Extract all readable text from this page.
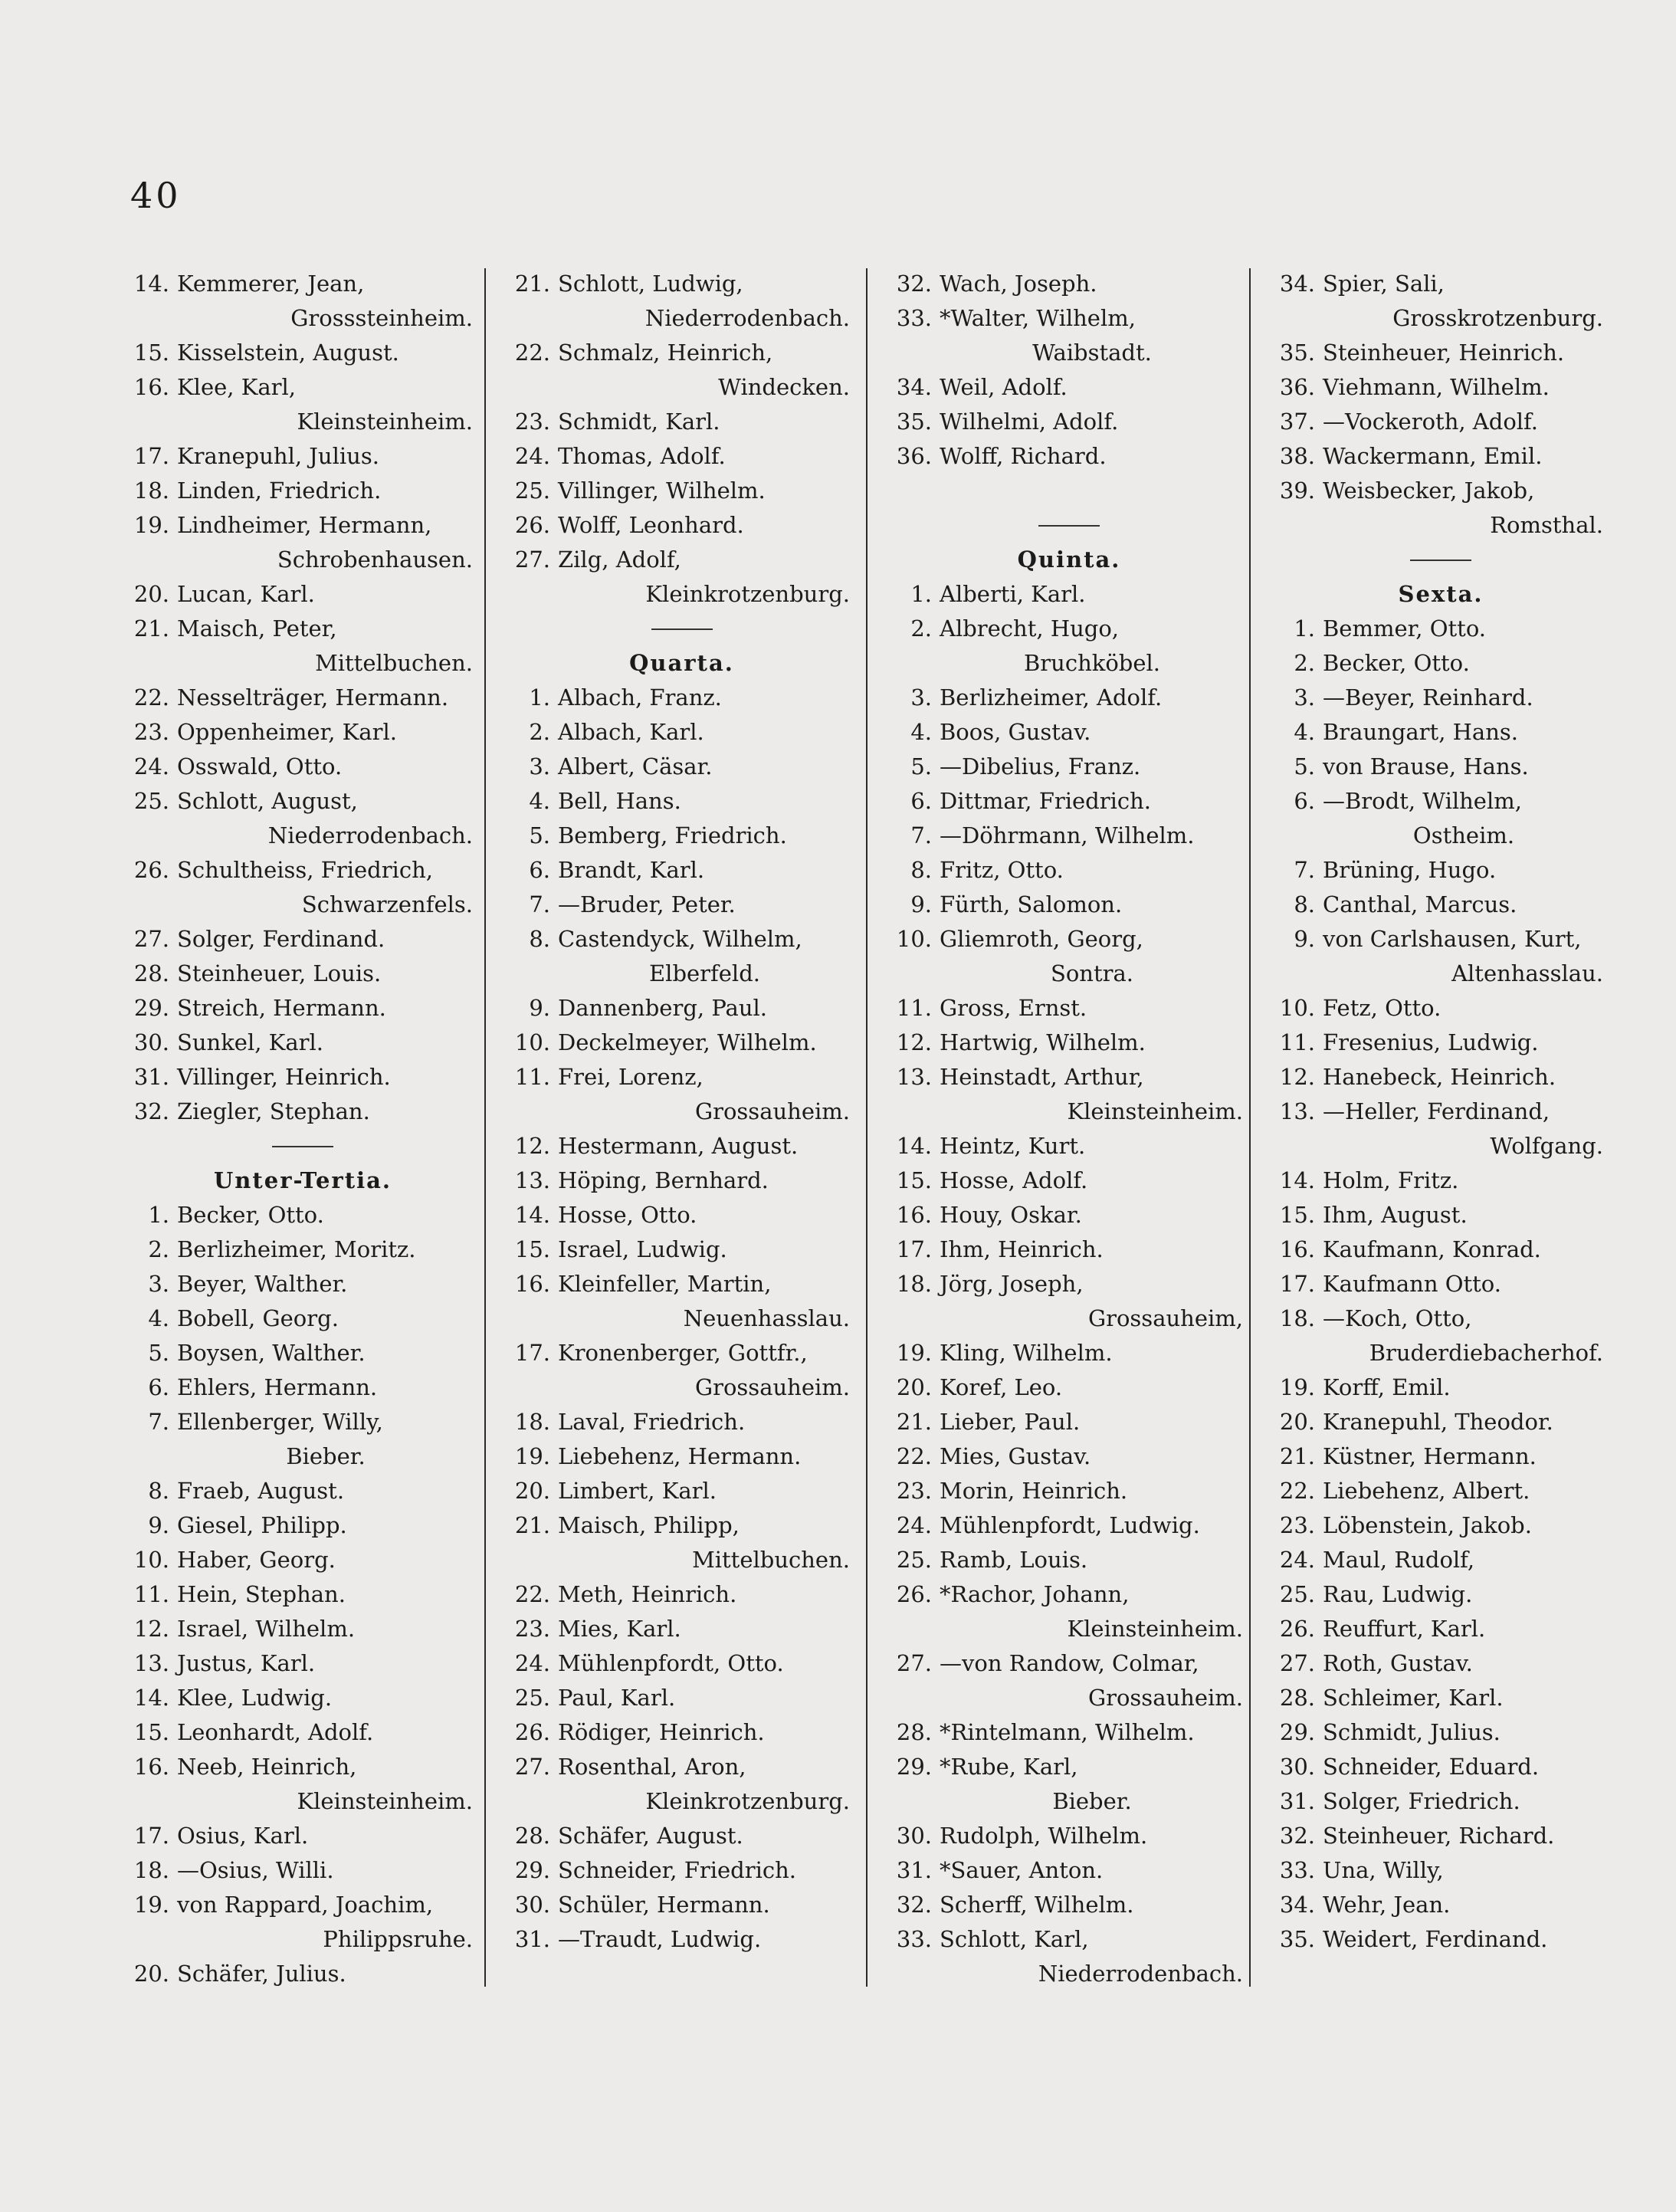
40
14. Kemmerer, Jean,
Grosssteinheim.
15. Kisselstein, August.
16. Klee, Karl,
Kleinsteinheim.
17. Kranepuhl, Julius.
18. Linden, Friedrich.
19. Lindheimer, Hermann,
Schrobenhausen.
20. Lucan, Karl.
21. Maisch, Peter,
Mittelbuchen.
22. Nesselträger, Hermann.
23. Oppenheimer, Karl.
24. Osswald, Otto.
25. Schlott, August,
Niederrodenbach.
26. Schultheiss, Friedrich,
Schwarzenfels.
27. Solger, Ferdinand.
28. Steinheuer, Louis.
29. Streich, Hermann.
30. Sunkel, Karl.
31. Villinger, Heinrich.
32. Ziegler, Stephan.
Unter-Tertia.
1. Becker, Otto.
2. Berlizheimer, Moritz.
3. Beyer, Walther.
4. Bobell, Georg.
5. Boysen, Walther.
6. Ehlers, Hermann.
7. Ellenberger, Willy,
Bieber.
8. Fraeb, August.
9. Giesel, Philipp.
10. Haber, Georg.
11. Hein, Stephan.
12. Israel, Wilhelm.
13. Justus, Karl.
14. Klee, Ludwig.
15. Leonhardt, Adolf.
16. Neeb, Heinrich,
Kleinsteinheim.
17. Osius, Karl.
18. —Osius, Willi.
19. von Rappard, Joachim,
Philippsruhe.
20. Schäfer, Julius.
21. Schlott, Ludwig,
Niederrodenbach.
22. Schmalz, Heinrich,
Windecken.
23. Schmidt, Karl.
24. Thomas, Adolf.
25. Villinger, Wilhelm.
26. Wolff, Leonhard.
27. Zilg, Adolf,
Kleinkrotzenburg.
Quarta.
1. Albach, Franz.
2. Albach, Karl.
3. Albert, Cäsar.
4. Bell, Hans.
5. Bemberg, Friedrich.
6. Brandt, Karl.
7. —Bruder, Peter.
8. Castendyck, Wilhelm,
Elberfeld.
9. Dannenberg, Paul.
10. Deckelmeyer, Wilhelm.
11. Frei, Lorenz,
Grossauheim.
12. Hestermann, August.
13. Höping, Bernhard.
14. Hosse, Otto.
15. Israel, Ludwig.
16. Kleinfeller, Martin,
Neuenhasslau.
17. Kronenberger, Gottfr.,
Grossauheim.
18. Laval, Friedrich.
19. Liebehenz, Hermann.
20. Limbert, Karl.
21. Maisch, Philipp,
Mittelbuchen.
22. Meth, Heinrich.
23. Mies, Karl.
24. Mühlenpfordt, Otto.
25. Paul, Karl.
26. Rödiger, Heinrich.
27. Rosenthal, Aron,
Kleinkrotzenburg.
28. Schäfer, August.
29. Schneider, Friedrich.
30. Schüler, Hermann.
31. —Traudt, Ludwig.
32. Wach, Joseph.
33. *Walter, Wilhelm,
Waibstadt.
34. Weil, Adolf.
35. Wilhelmi, Adolf.
36. Wolff, Richard.
Quinta.
1. Alberti, Karl.
2. Albrecht, Hugo,
Bruchköbel.
3. Berlizheimer, Adolf.
4. Boos, Gustav.
5. —Dibelius, Franz.
6. Dittmar, Friedrich.
7. —Döhrmann, Wilhelm.
8. Fritz, Otto.
9. Fürth, Salomon.
10. Gliemroth, Georg,
Sontra.
11. Gross, Ernst.
12. Hartwig, Wilhelm.
13. Heinstadt, Arthur,
Kleinsteinheim.
14. Heintz, Kurt.
15. Hosse, Adolf.
16. Houy, Oskar.
17. Ihm, Heinrich.
18. Jörg, Joseph,
Grossauheim,
19. Kling, Wilhelm.
20. Koref, Leo.
21. Lieber, Paul.
22. Mies, Gustav.
23. Morin, Heinrich.
24. Mühlenpfordt, Ludwig.
25. Ramb, Louis.
26. *Rachor, Johann,
Kleinsteinheim.
27. —von Randow, Colmar,
Grossauheim.
28. *Rintelmann, Wilhelm.
29. *Rube, Karl,
Bieber.
30. Rudolph, Wilhelm.
31. *Sauer, Anton.
32. Scherff, Wilhelm.
33. Schlott, Karl,
Niederrodenbach.
34. Spier, Sali,
Grosskrotzenburg.
35. Steinheuer, Heinrich.
36. Viehmann, Wilhelm.
37. —Vockeroth, Adolf.
38. Wackermann, Emil.
39. Weisbecker, Jakob,
Romsthal.
Sexta.
1. Bemmer, Otto.
2. Becker, Otto.
3. —Beyer, Reinhard.
4. Braungart, Hans.
5. von Brause, Hans.
6. —Brodt, Wilhelm,
Ostheim.
7. Brüning, Hugo.
8. Canthal, Marcus.
9. von Carlshausen, Kurt,
Altenhasslau.
10. Fetz, Otto.
11. Fresenius, Ludwig.
12. Hanebeck, Heinrich.
13. —Heller, Ferdinand,
Wolfgang.
14. Holm, Fritz.
15. Ihm, August.
16. Kaufmann, Konrad.
17. Kaufmann Otto.
18. —Koch, Otto,
Bruderdiebacherhof.
19. Korff, Emil.
20. Kranepuhl, Theodor.
21. Küstner, Hermann.
22. Liebehenz, Albert.
23. Löbenstein, Jakob.
24. Maul, Rudolf,
25. Rau, Ludwig.
26. Reuffurt, Karl.
27. Roth, Gustav.
28. Schleimer, Karl.
29. Schmidt, Julius.
30. Schneider, Eduard.
31. Solger, Friedrich.
32. Steinheuer, Richard.
33. Una, Willy,
34. Wehr, Jean.
35. Weidert, Ferdinand.
